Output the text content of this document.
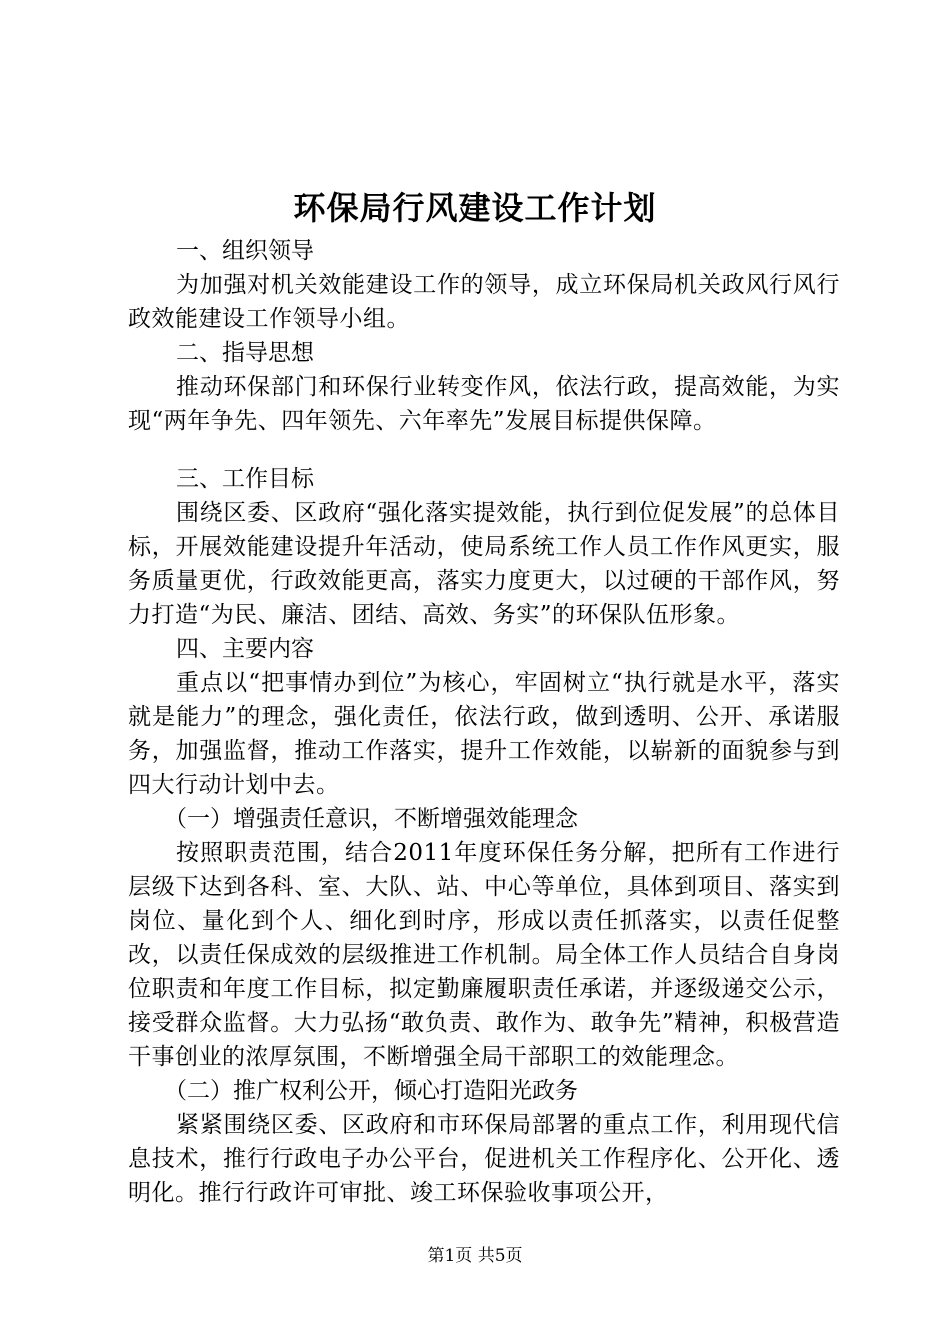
环保局行风建设工作计划

一、组织领导

为加强对机关效能建设工作的领导，成立环保局机关政风行风行政效能建设工作领导小组。

二、指导思想

推动环保部门和环保行业转变作风，依法行政，提高效能，为实现“两年争先、四年领先、六年率先”发展目标提供保障。

三、工作目标

围绕区委、区政府“强化落实提效能，执行到位促发展”的总体目标，开展效能建设提升年活动，使局系统工作人员工作作风更实，服务质量更优，行政效能更高，落实力度更大，以过硬的干部作风，努力打造“为民、廉洁、团结、高效、务实”的环保队伍形象。

四、主要内容

重点以“把事情办到位”为核心，牢固树立“执行就是水平，落实就是能力”的理念，强化责任，依法行政，做到透明、公开、承诺服务，加强监督，推动工作落实，提升工作效能，以崭新的面貌参与到四大行动计划中去。

（一）增强责任意识，不断增强效能理念

按照职责范围，结合2011年度环保任务分解，把所有工作进行层级下达到各科、室、大队、站、中心等单位，具体到项目、落实到岗位、量化到个人、细化到时序，形成以责任抓落实，以责任促整改，以责任保成效的层级推进工作机制。局全体工作人员结合自身岗位职责和年度工作目标，拟定勤廉履职责任承诺，并逐级递交公示，接受群众监督。大力弘扬“敢负责、敢作为、敢争先”精神，积极营造干事创业的浓厚氛围，不断增强全局干部职工的效能理念。

（二）推广权利公开，倾心打造阳光政务

紧紧围绕区委、区政府和市环保局部署的重点工作，利用现代信息技术，推行行政电子办公平台，促进机关工作程序化、公开化、透明化。推行行政许可审批、竣工环保验收事项公开，

第1页 共5页
